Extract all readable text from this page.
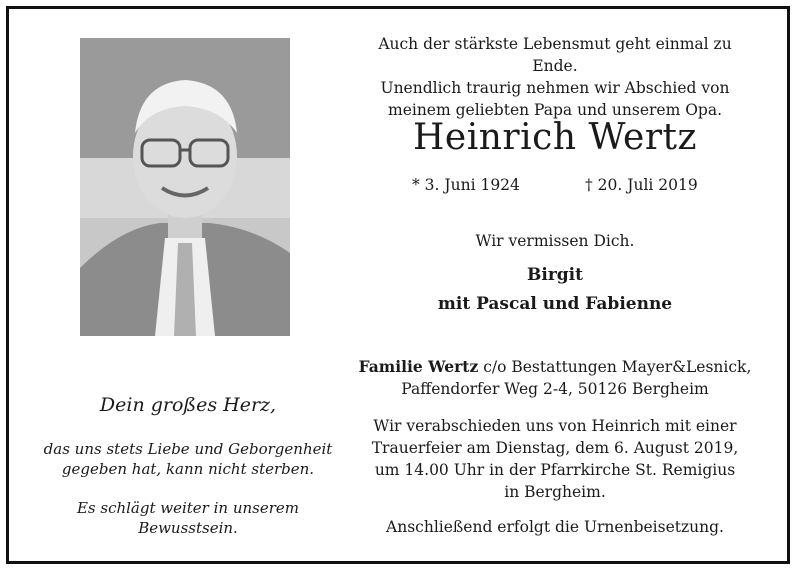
Auch der stärkste Lebensmut geht einmal zu Ende.
Unendlich traurig nehmen wir Abschied von
meinem geliebten Papa und unserem Opa.
Heinrich Wertz
* 3. Juni 1924	† 20. Juli 2019
Wir vermissen Dich.
Birgit
mit Pascal und Fabienne
Familie Wertz c/o Bestattungen Mayer&Lesnick,
Paffendorfer Weg 2-4, 50126 Bergheim
Wir verabschieden uns von Heinrich mit einer
Trauerfeier am Dienstag, dem 6. August 2019,
um 14.00 Uhr in der Pfarrkirche St. Remigius
in Bergheim.
Anschließend erfolgt die Urnenbeisetzung.
Dein großes Herz,
das uns stets Liebe und Geborgenheit
gegeben hat, kann nicht sterben.
Es schlägt weiter in unserem
Bewusstsein.
